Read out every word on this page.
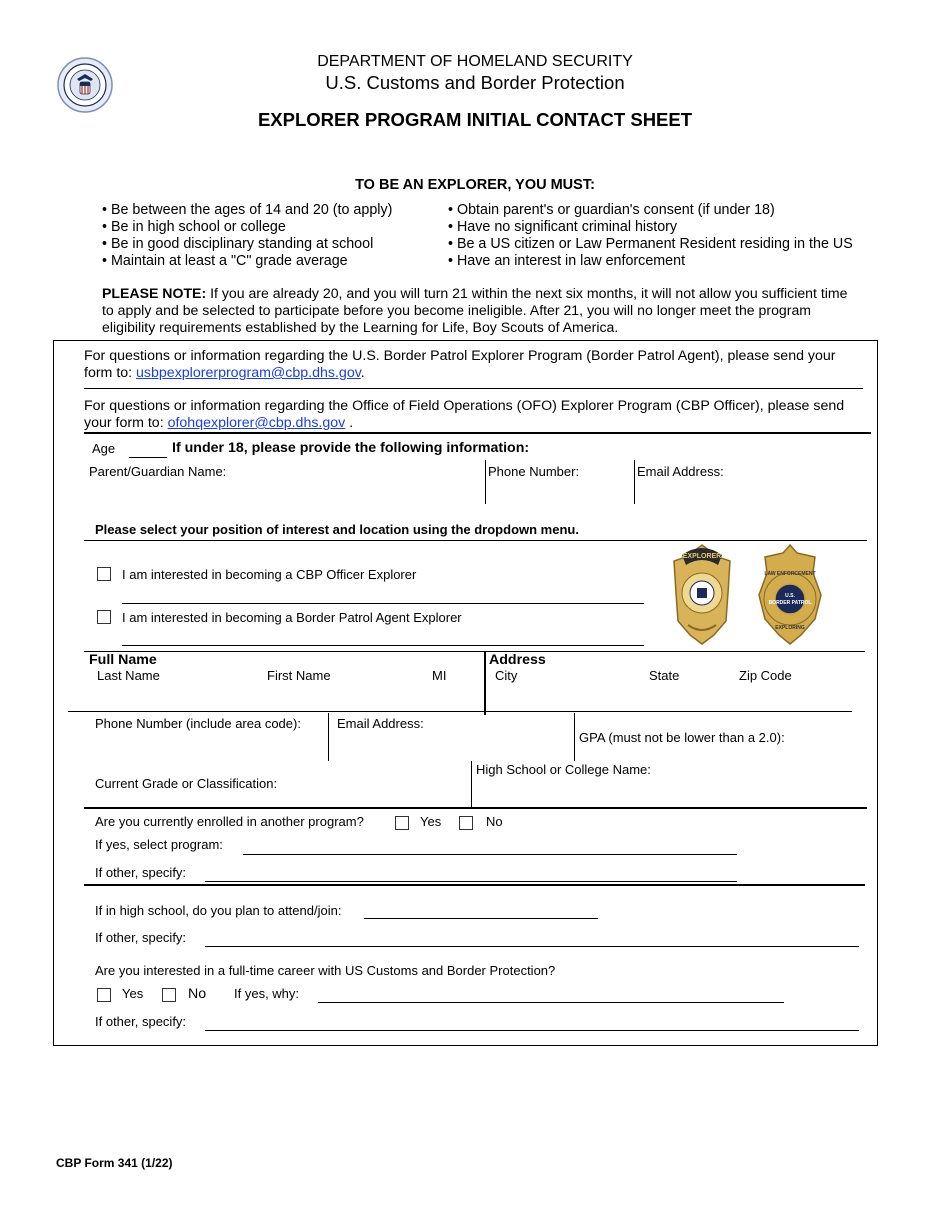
DEPARTMENT OF HOMELAND SECURITY
U.S. Customs and Border Protection
EXPLORER PROGRAM INITIAL CONTACT SHEET
TO BE AN EXPLORER, YOU MUST:
• Be between the ages of 14 and 20 (to apply)
• Be in high school or college
• Be in good disciplinary standing at school
• Maintain at least a "C" grade average
• Obtain parent's or guardian's consent (if under 18)
• Have no significant criminal history
• Be a US citizen or Law Permanent Resident residing in the US
• Have an interest in law enforcement
PLEASE NOTE: If you are already 20, and you will turn 21 within the next six months, it will not allow you sufficient time to apply and be selected to participate before you become ineligible. After 21, you will no longer meet the program eligibility requirements established by the Learning for Life, Boy Scouts of America.
For questions or information regarding the U.S. Border Patrol Explorer Program (Border Patrol Agent), please send your form to: usbpexplorerprogram@cbp.dhs.gov.
For questions or information regarding the Office of Field Operations (OFO) Explorer Program (CBP Officer), please send your form to: ofohqexplorer@cbp.dhs.gov .
Age	If under 18, please provide the following information:
Parent/Guardian Name:	Phone Number:	Email Address:
Please select your position of interest and location using the dropdown menu.
I am interested in becoming a CBP Officer Explorer
I am interested in becoming a Border Patrol Agent Explorer
EXPLORER
U.S.
BORDER PATROL
LAW ENFORCEMENT
EXPLORING
Full Name
Last Name	First Name	MI
Address
City	State	Zip Code
Phone Number (include area code):	Email Address:
GPA (must not be lower than a 2.0):
High School or College Name:
Current Grade or Classification:
Are you currently enrolled in another program?	Yes	No
If yes, select program:
If other, specify:
If in high school, do you plan to attend/join:
If other, specify:
Are you interested in a full-time career with US Customs and Border Protection?
Yes	No If yes, why:
If other, specify:
CBP Form 341 (1/22)
